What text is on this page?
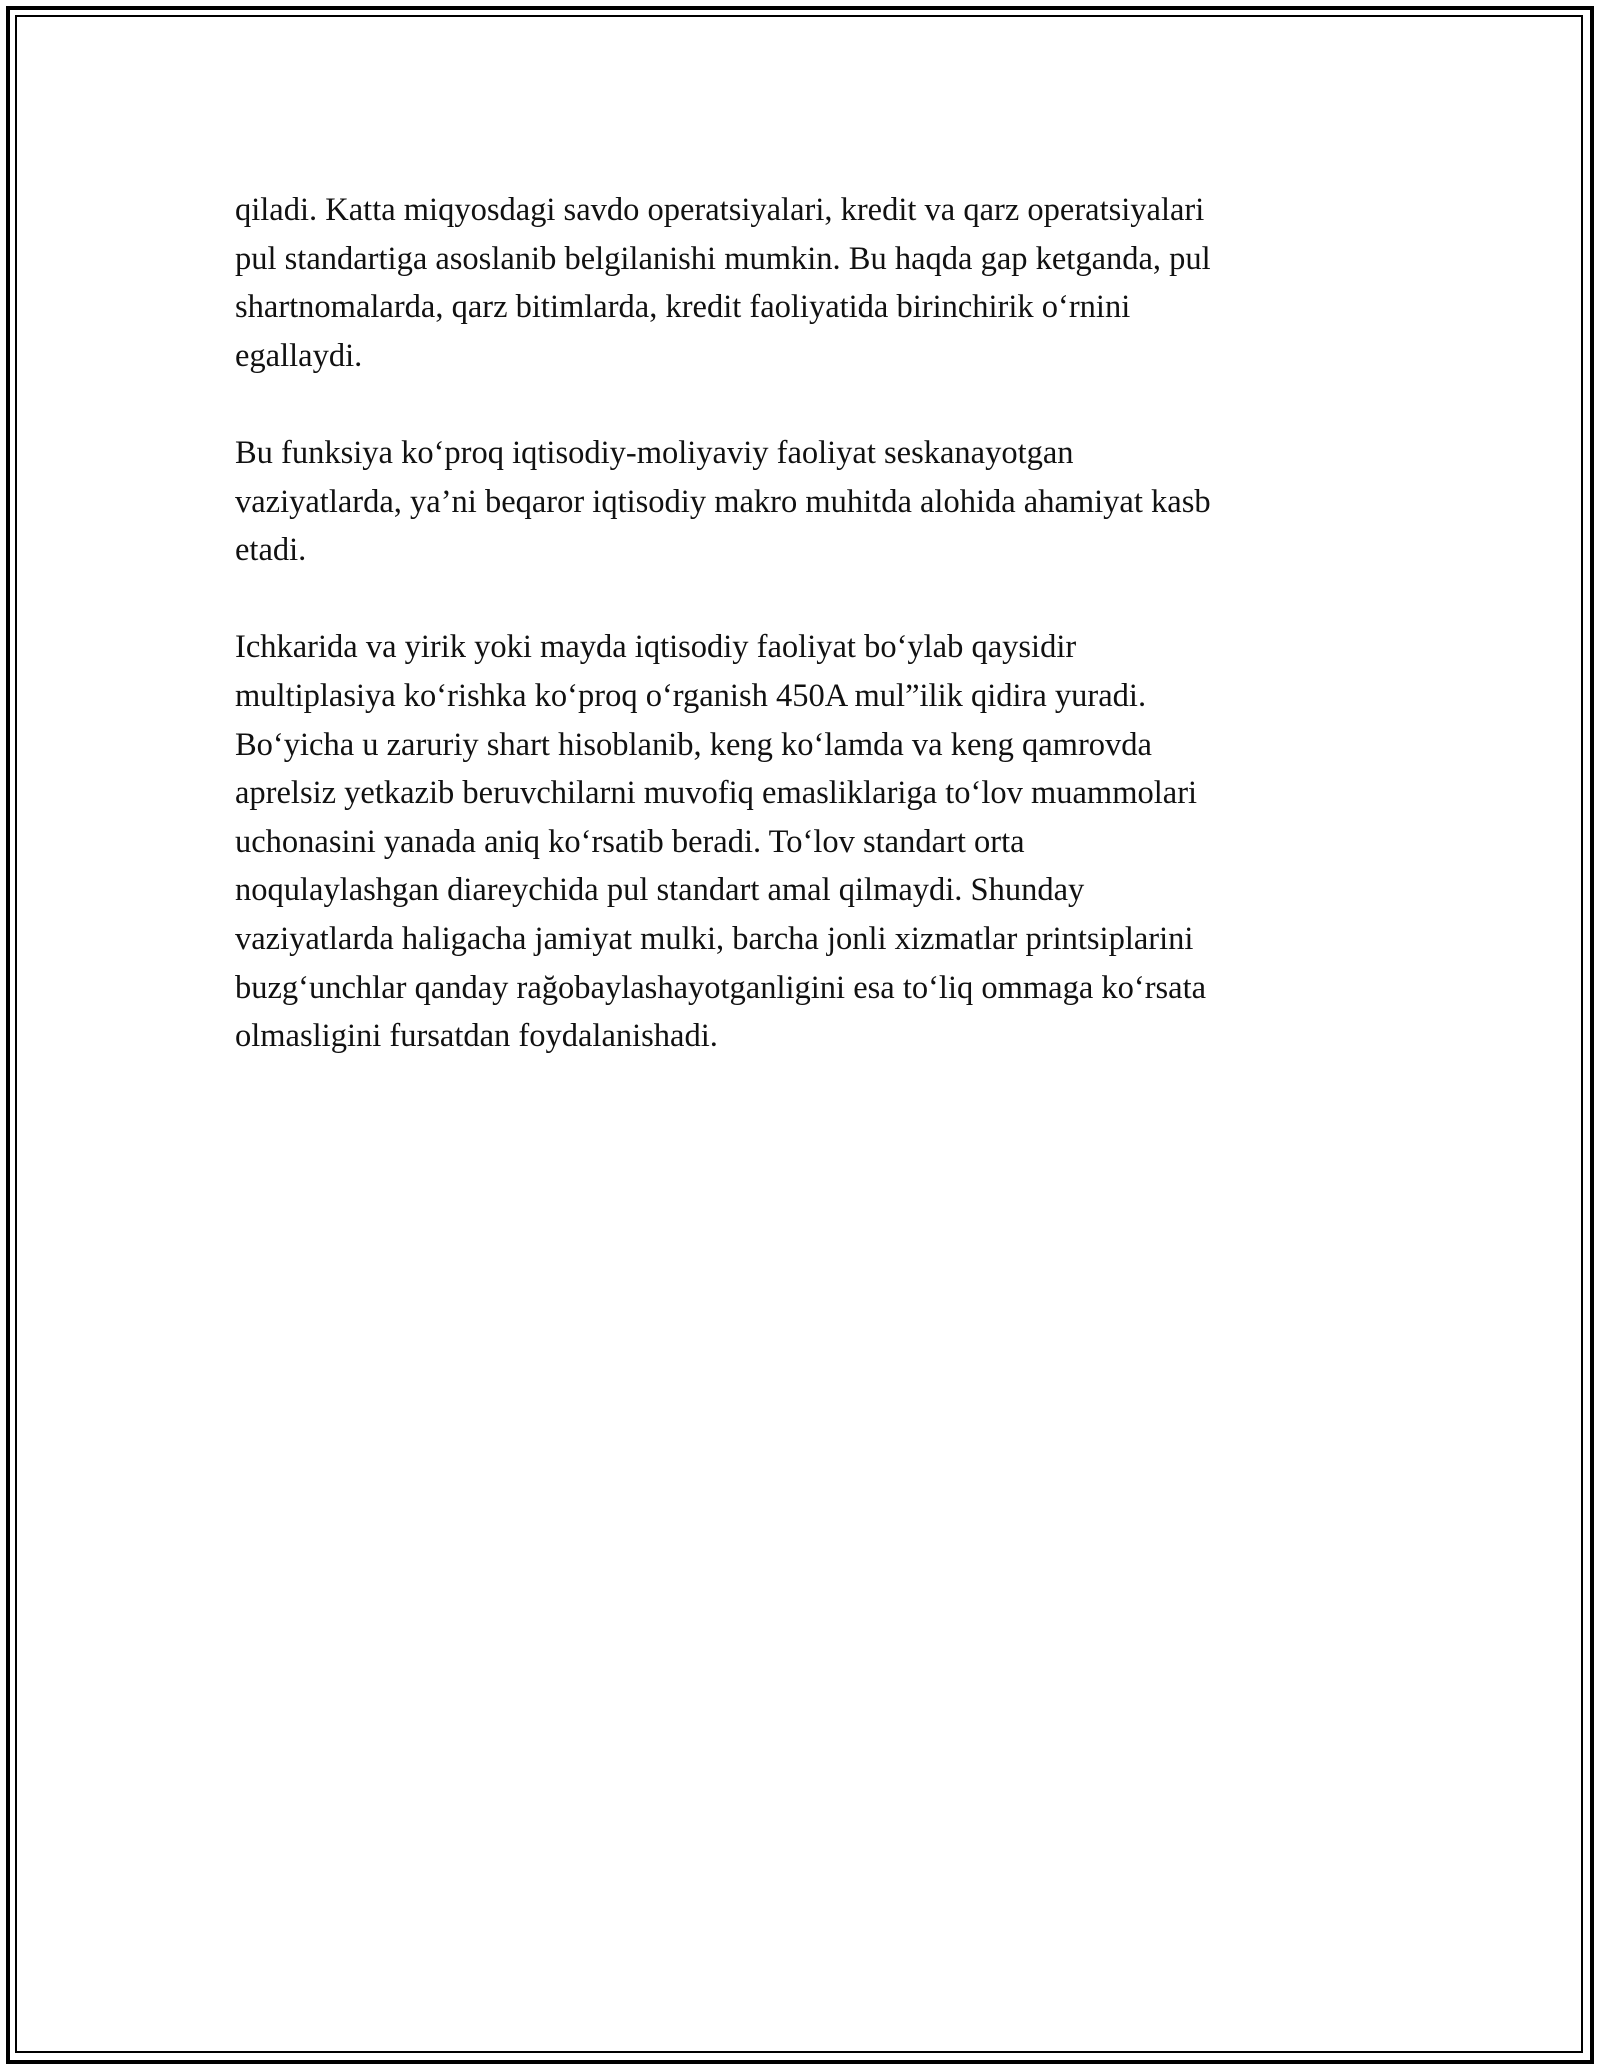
qiladi. Katta miqyosdagi savdo operatsiyalari, kredit va qarz operatsiyalari
pul standartiga asoslanib belgilanishi mumkin. Bu haqda gap ketganda, pul
shartnomalarda, qarz bitimlarda, kredit faoliyatida birinchirik o‘rnini
egallaydi.

Bu funksiya ko‘proq iqtisodiy-moliyaviy faoliyat seskanayotgan
vaziyatlarda, ya’ni beqaror iqtisodiy makro muhitda alohida ahamiyat kasb
etadi.

Ichkarida va yirik yoki mayda iqtisodiy faoliyat bo‘ylab qaysidir
multiplasiya ko‘rishka ko‘proq o‘rganish 450A mul”ilik qidira yuradi.
Bo‘yicha u zaruriy shart hisoblanib, keng ko‘lamda va keng qamrovda
aprelsiz yetkazib beruvchilarni muvofiq emasliklariga to‘lov muammolari
uchonasini yanada aniq ko‘rsatib beradi. To‘lov standart orta
noqulaylashgan diareychida pul standart amal qilmaydi. Shunday
vaziyatlarda haligacha jamiyat mulki, barcha jonli xizmatlar printsiplarini
buzg‘unchlar qanday rağobaylashayotganligini esa to‘liq ommaga ko‘rsata
olmasligini fursatdan foydalanishadi.
